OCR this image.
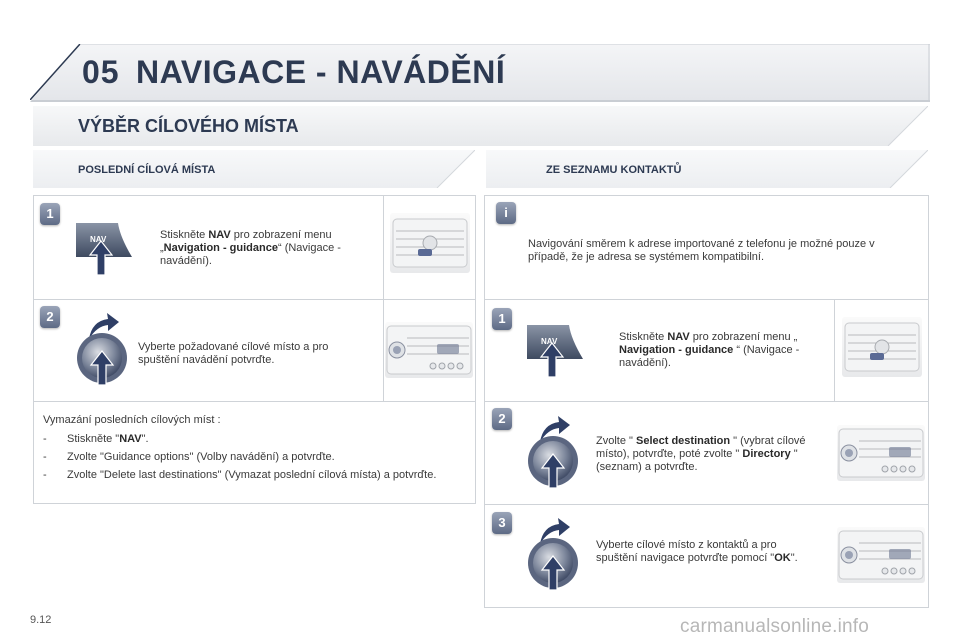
05 NAVIGACE - NAVÁDĚNÍ
VÝBĚR CÍLOVÉHO MÍSTA
POSLEDNÍ CÍLOVÁ MÍSTA
1
NAV	Stiskněte NAV pro zobrazení menu „Navigation - guidance“ (Navigace - navádění).
2
Vyberte požadované cílové místo a pro spuštění navádění potvrďte.
Vymazání posledních cílových míst :
- Stiskněte "NAV".
- Zvolte "Guidance options" (Volby navádění) a potvrďte.
- Zvolte "Delete last destinations" (Vymazat poslední cílová místa) a potvrďte.
ZE SEZNAMU KONTAKTŮ
i
Navigování směrem k adrese importované z telefonu je možné pouze v případě, že je adresa se systémem kompatibilní.
1
NAV	Stiskněte NAV pro zobrazení menu „ Navigation - guidance “ (Navigace - navádění).
2
Zvolte " Select destination " (vybrat cílové místo), potvrďte, poté zvolte " Directory " (seznam) a potvrďte.
3
Vyberte cílové místo z kontaktů a pro spuštění navigace potvrďte pomocí "OK".
9.12	carmanualsonline.info
